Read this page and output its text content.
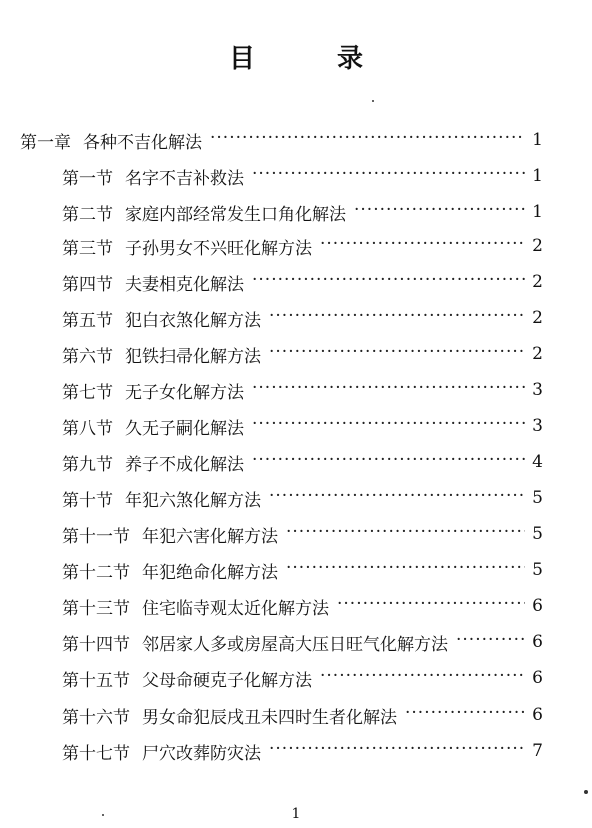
目　录
第一章 各种不吉化解法 ·····	1
第一节 名字不吉补救法 ·····	1
第二节 家庭内部经常发生口角化解法 ·····	1
第三节 子孙男女不兴旺化解方法 ·····	2
第四节 夫妻相克化解法 ·····	2
第五节 犯白衣煞化解方法 ·····	2
第六节 犯铁扫帚化解方法 ·····	2
第七节 无子女化解方法 ·····	3
第八节 久无子嗣化解法 ·····	3
第九节 养子不成化解法 ·····	4
第十节 年犯六煞化解方法 ·····	5
第十一节 年犯六害化解方法 ·····	5
第十二节 年犯绝命化解方法 ·····	5
第十三节 住宅临寺观太近化解方法 ·····	6
第十四节 邻居家人多或房屋高大压日旺气化解方法 ·····	6
第十五节 父母命硬克子化解方法 ·····	6
第十六节 男女命犯辰戌丑未四时生者化解法 ·····	6
第十七节 尸穴改葬防灾法 ·····	7
1
